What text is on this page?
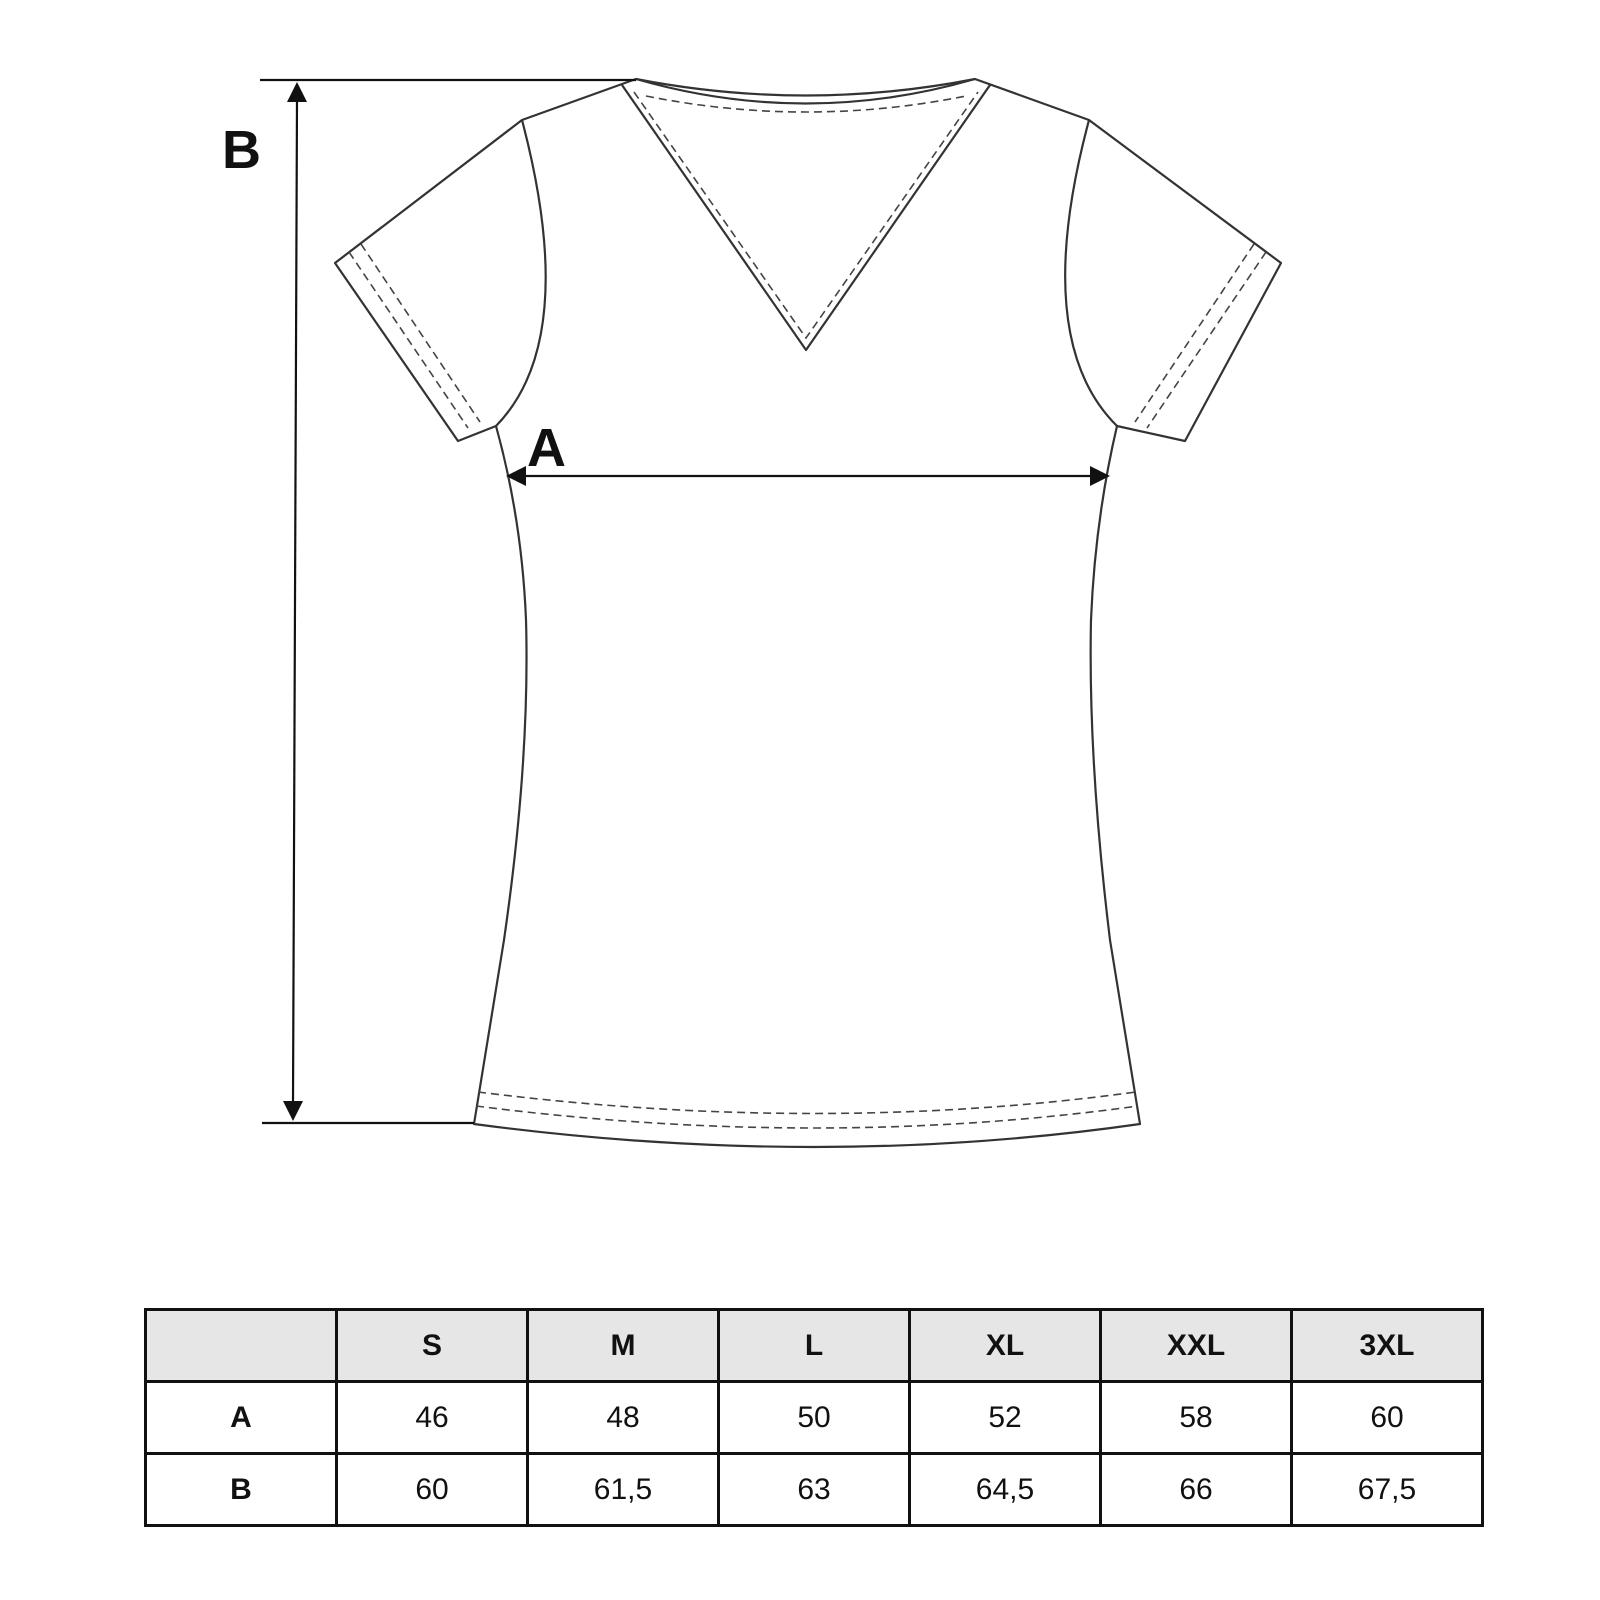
B
A
	S	M	L	XL	XXL	3XL
A	46	48	50	52	58	60
B	60	61,5	63	64,5	66	67,5
